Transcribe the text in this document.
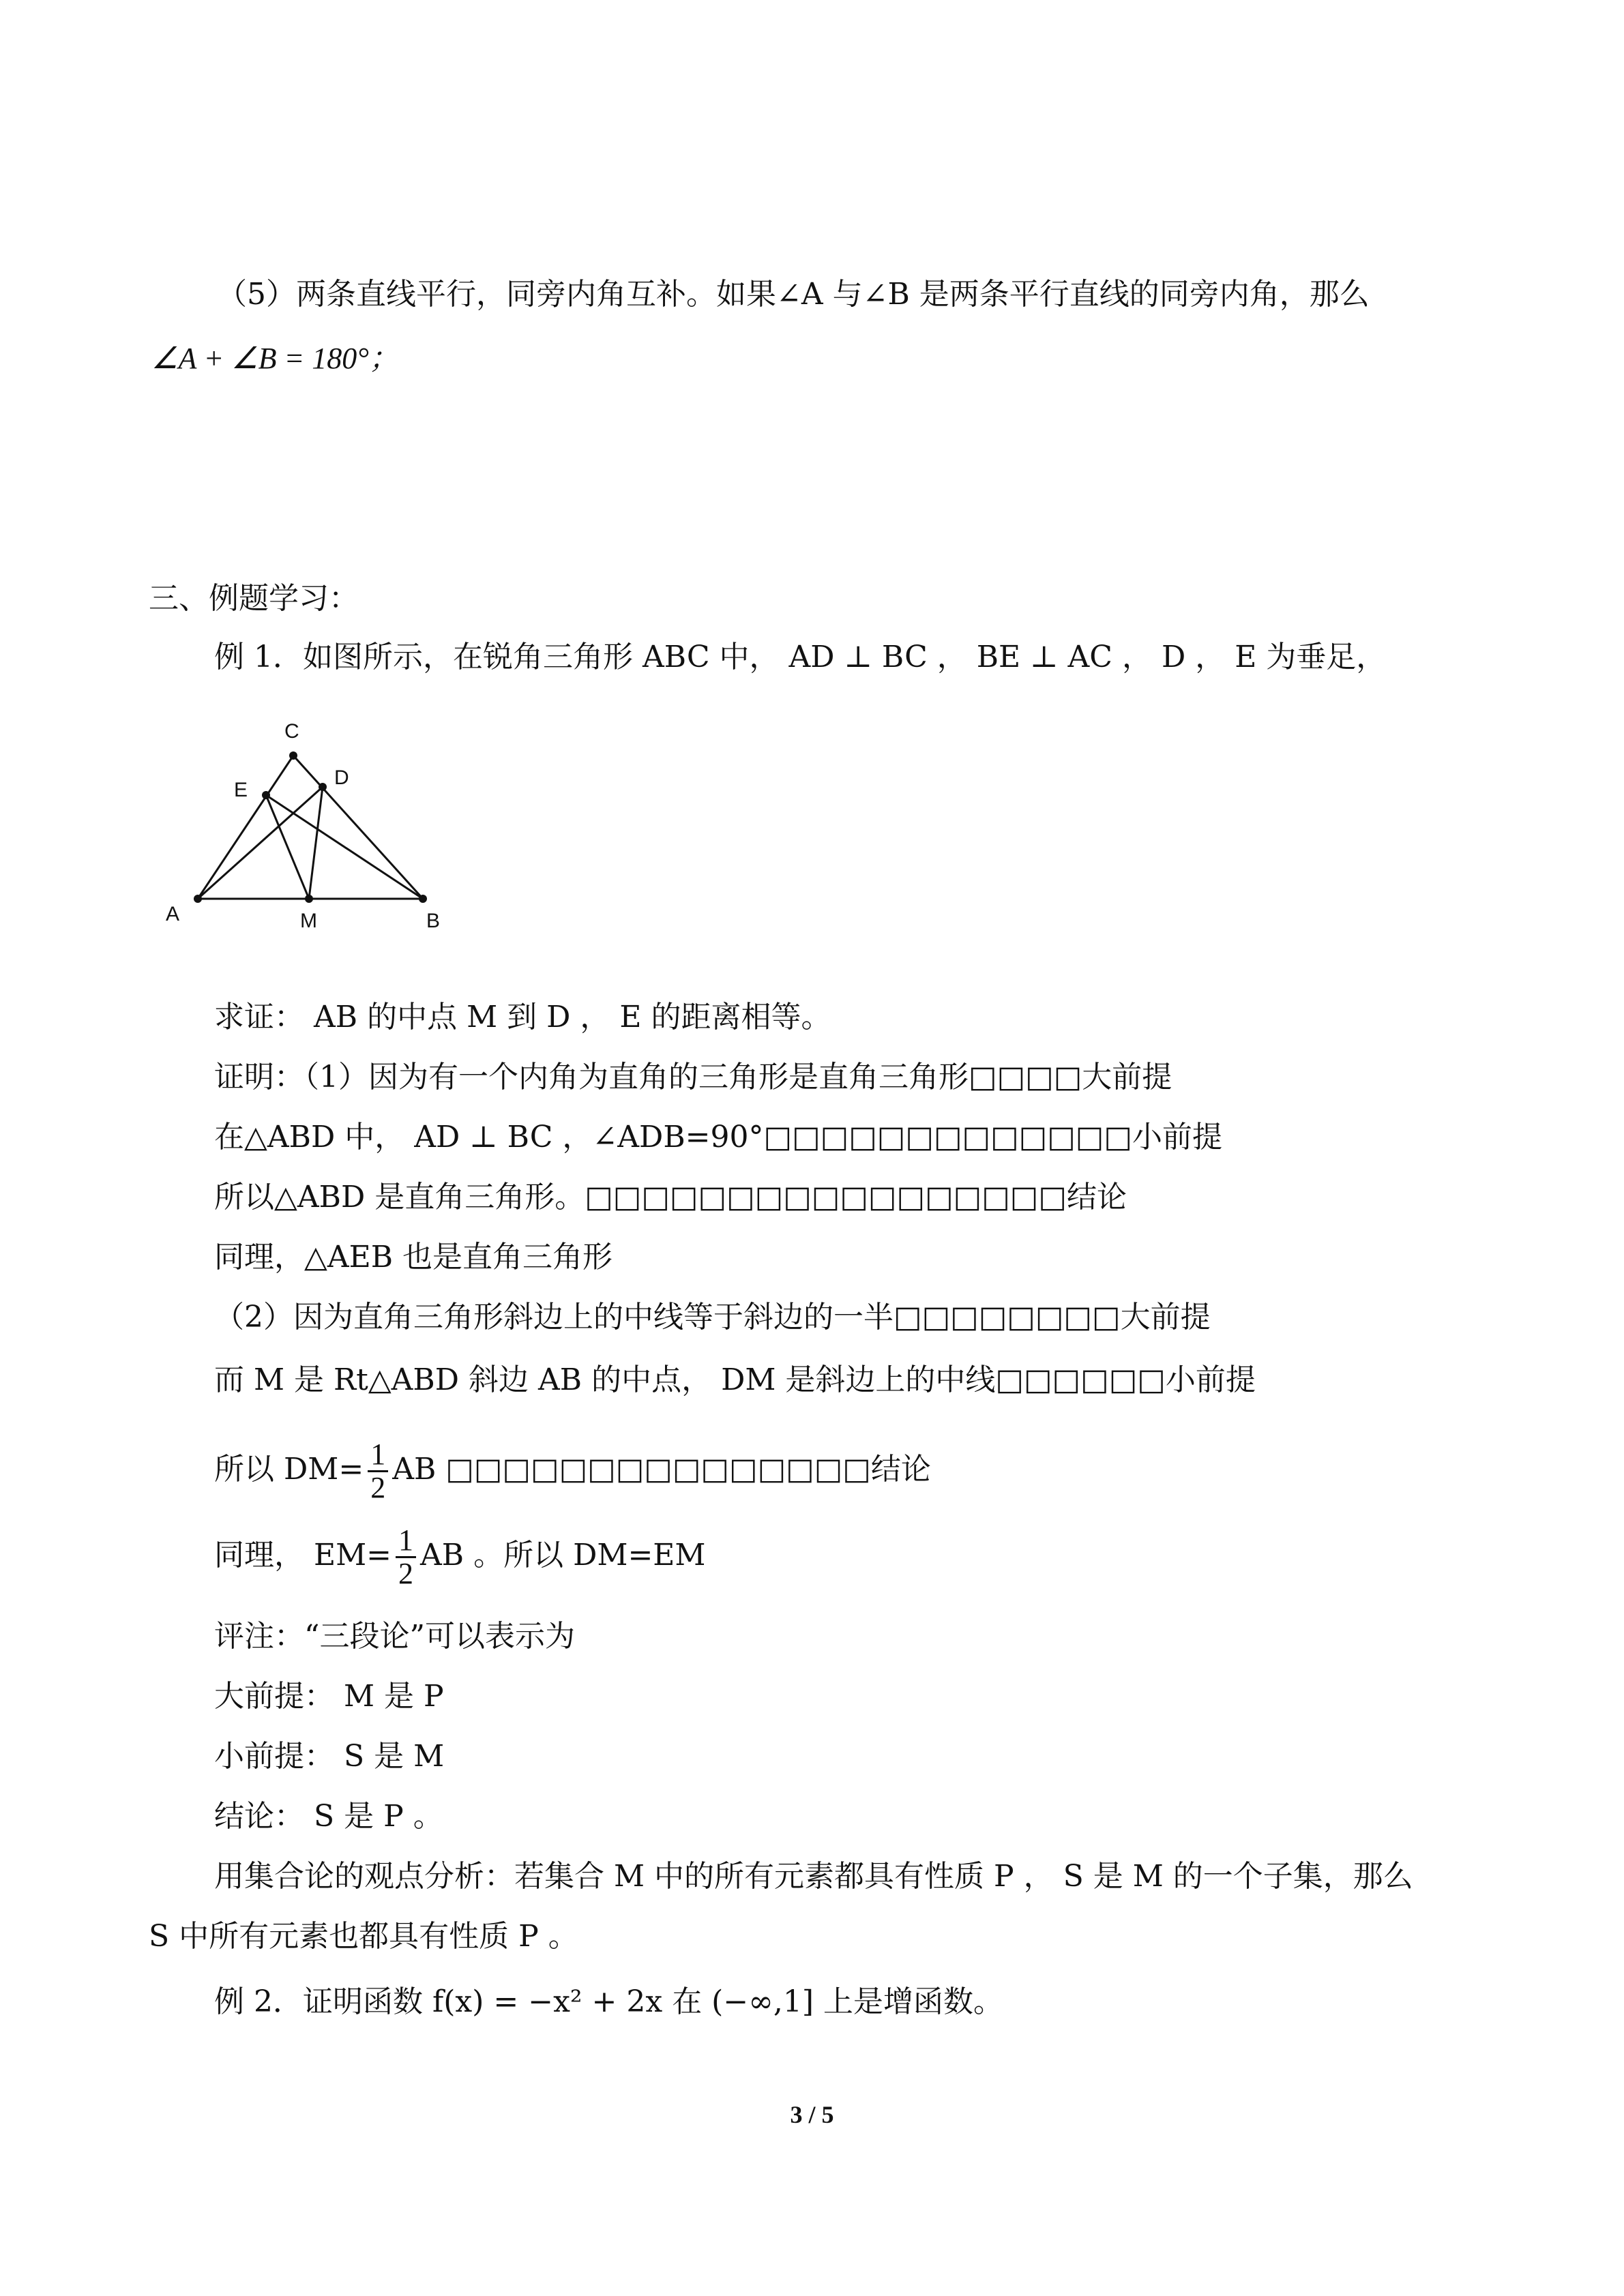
（5）两条直线平行，同旁内角互补。如果∠A 与∠B 是两条平行直线的同旁内角，那么
∠A + ∠B = 180°；
三、例题学习：
例 1．如图所示，在锐角三角形 ABC 中， AD ⊥ BC ， BE ⊥ AC ， D ， E 为垂足，
A	B
C
D
E
M
求证： AB 的中点 M 到 D ， E 的距离相等。
证明：（1）因为有一个内角为直角的三角形是直角三角形□□□□大前提
在△ABD 中， AD ⊥ BC ，∠ADB=90°□□□□□□□□□□□□□小前提
所以△ABD 是直角三角形。□□□□□□□□□□□□□□□□□结论
同理，△AEB 也是直角三角形
（2）因为直角三角形斜边上的中线等于斜边的一半□□□□□□□□大前提
而 M 是 Rt△ABD 斜边 AB 的中点， DM 是斜边上的中线□□□□□□小前提
所以 $DM= \frac{1}{2}$ AB □□□□□□□□□□□□□□□结论
同理， $EM= \frac{1}{2}$ AB 。所以 DM=EM
评注：“三段论”可以表示为
大前提： M 是 P
小前提： S 是 M
结论： S 是 P 。
用集合论的观点分析：若集合 M 中的所有元素都具有性质 P ， S 是 M 的一个子集，那么
S 中所有元素也都具有性质 P 。
例 2．证明函数 f(x) = −x² + 2x 在 (−∞,1] 上是增函数。
3 / 5
